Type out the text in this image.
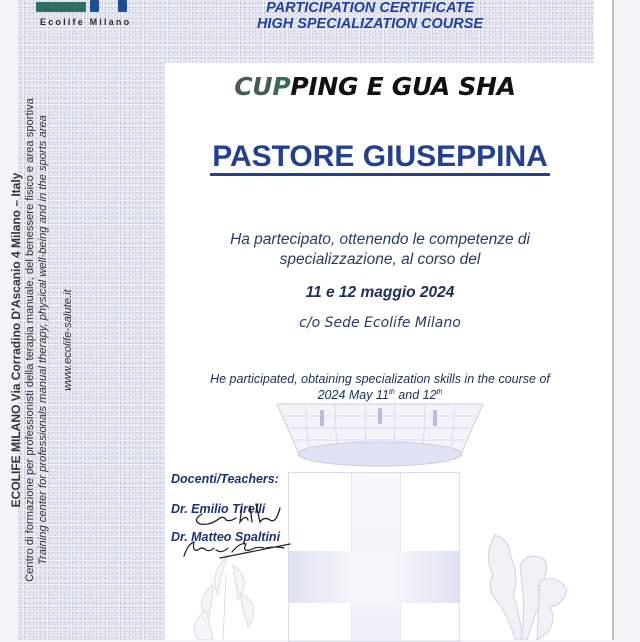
Ecolife Milano
PARTICIPATION CERTIFICATE
HIGH SPECIALIZATION COURSE
ECOLIFE MILANO Via Corradino D'Ascanio 4 Milano – Italy Centro di formazione per professionisti della terapia manuale, del benessere fisico e area sportiva Training center for professionals manual therapy, physical well-being and in the sports area www.ecolife-salute.it
CUPPING E GUA SHA
PASTORE GIUSEPPINA
Ha partecipato, ottenendo le competenze di
specializzazione, al corso del
11 e 12 maggio 2024
c/o Sede Ecolife Milano
He participated, obtaining specialization skills in the course of
2024 May 11th and 12th
Docenti/Teachers:
Dr. Emilio Tirelli
Dr. Matteo Spaltini
